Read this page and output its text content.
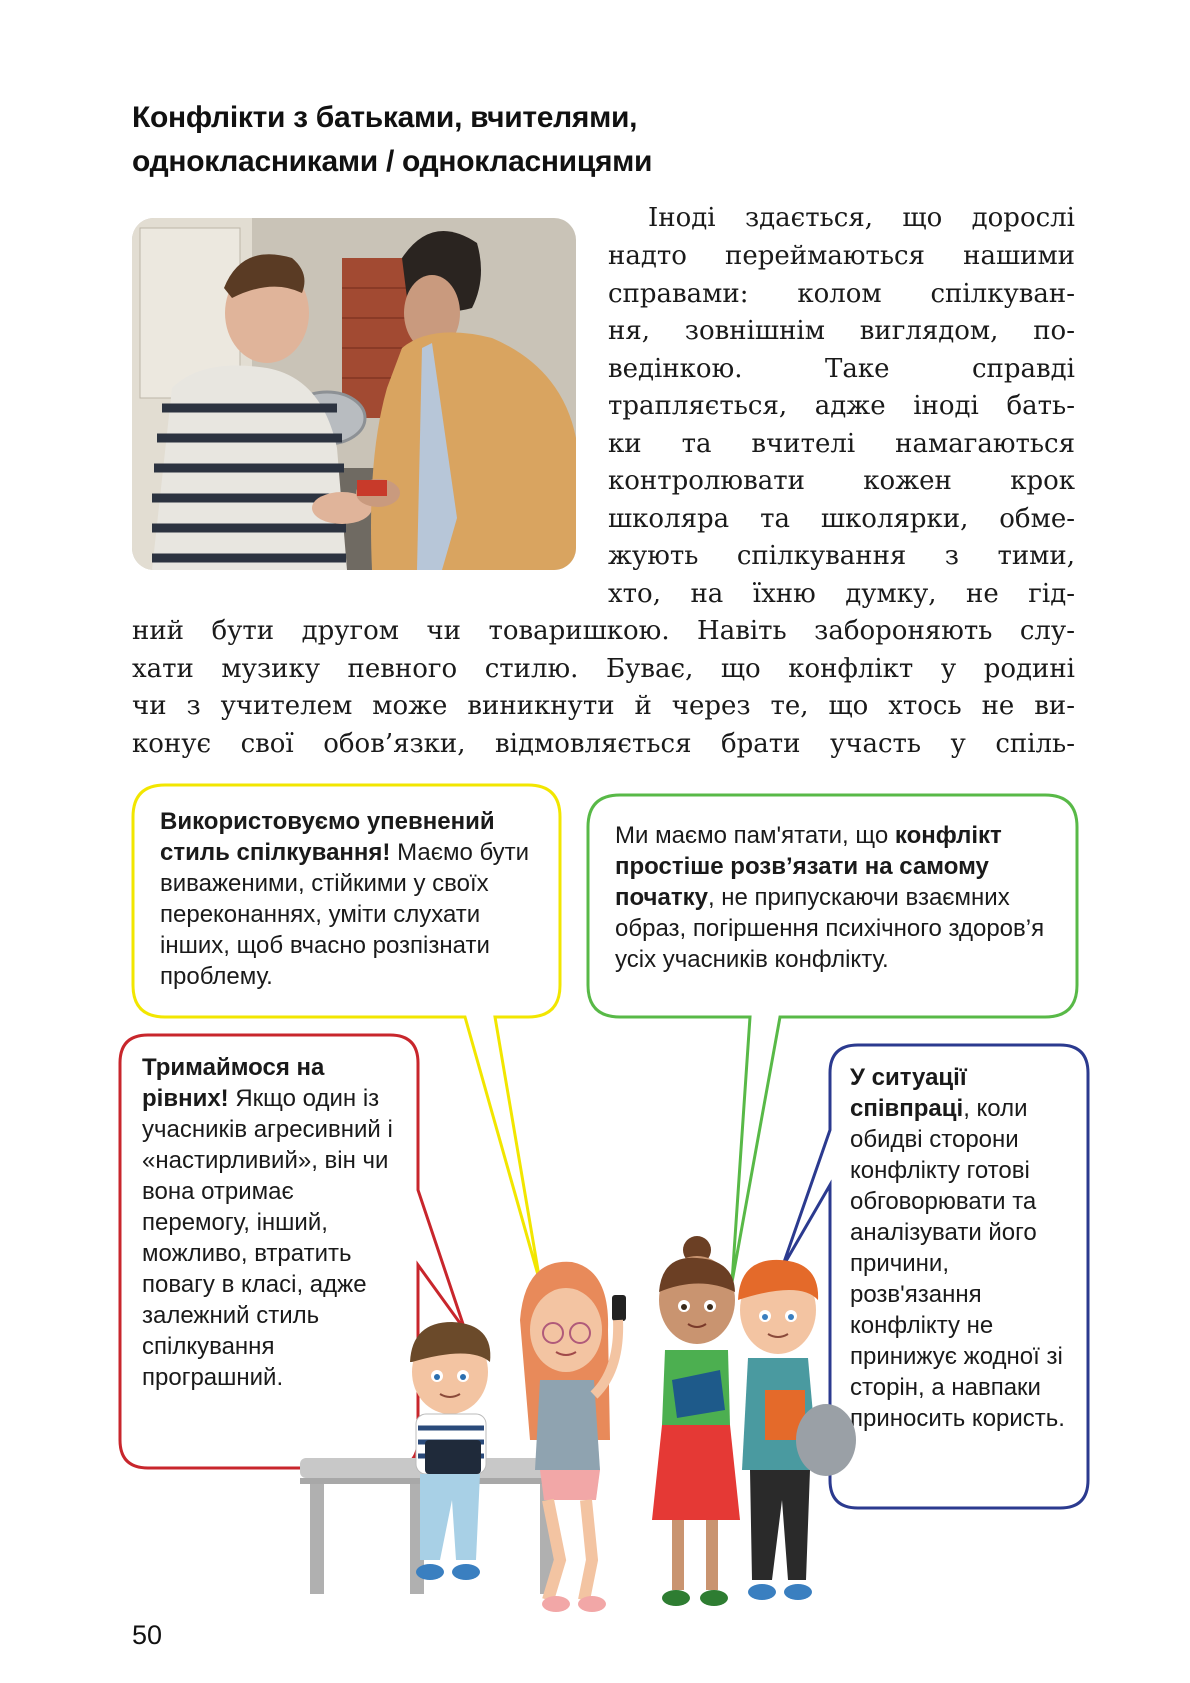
Конфлікти з батьками, вчителями,
однокласниками / однокласницями
Іноді здається, що дорослі
надто переймаються нашими
справами: колом спілкуван-
ня, зовнішнім виглядом, по-
ведінкою. Таке справді
трапляється, адже іноді бать-
ки та вчителі намагаються
контролювати кожен крок
школяра та школярки, обме-
жують спілкування з тими,
хто, на їхню думку, не гід-
ний бути другом чи товаришкою. Навіть забороняють слу-
хати музику певного стилю. Буває, що конфлікт у родині
чи з учителем може виникнути й через те, що хтось не ви-
конує свої обов’язки, відмовляється брати участь у спіль-
Використовуємо упевнений стиль спілкування! Маємо бути виваженими, стійкими у своїх переконаннях, уміти слухати інших, щоб вчасно розпізнати проблему.
Ми маємо пам'ятати, що конфлікт простіше розв’язати на самому початку, не припускаючи взаємних образ, погіршення психічного здоров’я усіх учасників конфлікту.
Тримаймося на рівних! Якщо один із учасників агресивний і «настирливий», він чи вона отримає перемогу, інший, можливо, втратить повагу в класі, адже залежний стиль спілкування програшний.
У ситуації співпраці, коли обидві сторони конфлікту готові обговорювати та аналізувати його причини, розв'язання конфлікту не принижує жодної зі сторін, а навпаки приносить користь.
50
